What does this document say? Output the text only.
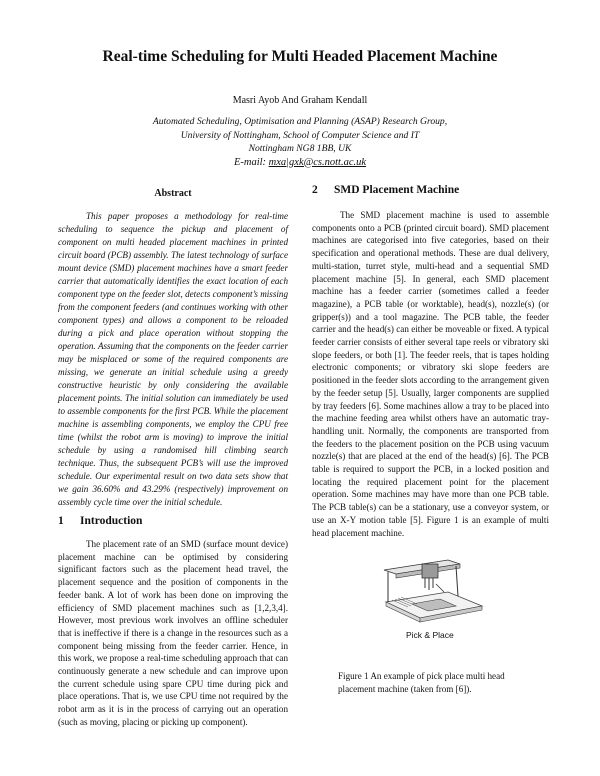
Real-time Scheduling for Multi Headed Placement Machine
Masri Ayob And Graham Kendall
Automated Scheduling, Optimisation and Planning (ASAP) Research Group,
University of Nottingham, School of Computer Science and IT
Nottingham NG8 1BB, UK
E-mail: mxa|gxk@cs.nott.ac.uk
Abstract

This paper proposes a methodology for real-time scheduling to sequence the pickup and placement of component on multi headed placement machines in printed circuit board (PCB) assembly. The latest technology of surface mount device (SMD) placement machines have a smart feeder carrier that automatically identifies the exact location of each component type on the feeder slot, detects component’s missing from the component feeders (and continues working with other component types) and allows a component to be reloaded during a pick and place operation without stopping the operation. Assuming that the components on the feeder carrier may be misplaced or some of the required components are missing, we generate an initial schedule using a greedy constructive heuristic by only considering the available placement points. The initial solution can immediately be used to assemble components for the first PCB. While the placement machine is assembling components, we employ the CPU free time (whilst the robot arm is moving) to improve the initial schedule by using a randomised hill climbing search technique. Thus, the subsequent PCB’s will use the improved schedule. Our experimental result on two data sets show that we gain 36.60% and 43.29% (respectively) improvement on assembly cycle time over the initial schedule.

1 Introduction

The placement rate of an SMD (surface mount device) placement machine can be optimised by considering significant factors such as the placement head travel, the placement sequence and the position of components in the feeder bank. A lot of work has been done on improving the efficiency of SMD placement machines such as [1,2,3,4]. However, most previous work involves an offline scheduler that is ineffective if there is a change in the resources such as a component being missing from the feeder carrier. Hence, in this work, we propose a real-time scheduling approach that can continuously generate a new schedule and can improve upon the current schedule using spare CPU time during pick and place operations. That is, we use CPU time not required by the robot arm as it is in the process of carrying out an operation (such as moving, placing or picking up component).

2 SMD Placement Machine

The SMD placement machine is used to assemble components onto a PCB (printed circuit board). SMD placement machines are categorised into five categories, based on their specification and operational methods. These are dual delivery, multi-station, turret style, multi-head and a sequential SMD placement machine [5]. In general, each SMD placement machine has a feeder carrier (sometimes called a feeder magazine), a PCB table (or worktable), head(s), nozzle(s) (or gripper(s)) and a tool magazine. The PCB table, the feeder carrier and the head(s) can either be moveable or fixed. A typical feeder carrier consists of either several tape reels or vibratory ski slope feeders, or both [1]. The feeder reels, that is tapes holding electronic components; or vibratory ski slope feeders are positioned in the feeder slots according to the arrangement given by the feeder setup [5]. Usually, larger components are supplied by tray feeders [6]. Some machines allow a tray to be placed into the machine feeding area whilst others have an automatic tray-handling unit. Normally, the components are transported from the feeders to the placement position on the PCB using vacuum nozzle(s) that are placed at the end of the head(s) [6]. The PCB table is required to support the PCB, in a locked position and locating the required placement point for the placement operation. Some machines may have more than one PCB table. The PCB table(s) can be a stationary, use a conveyor system, or use an X-Y motion table [5]. Figure 1 is an example of multi head placement machine.

Pick & Place

Figure 1 An example of pick place multi head placement machine (taken from [6]).
